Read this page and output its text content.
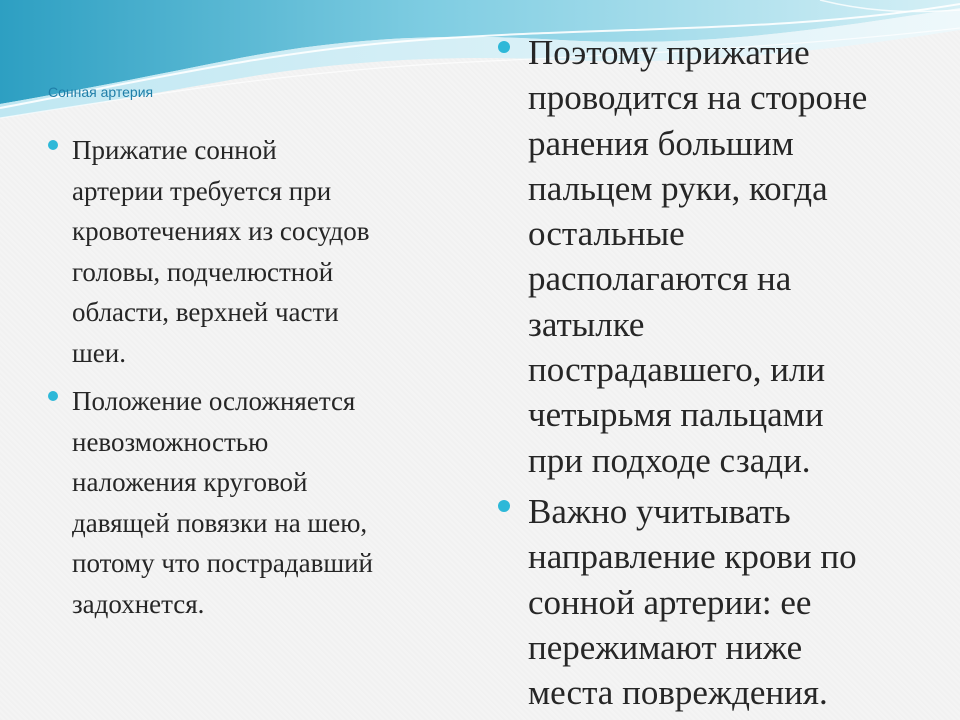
Сонная артерия

Прижатие сонной
артерии требуется при
кровотечениях из сосудов
головы, подчелюстной
области, верхней части
шеи.
Положение осложняется
невозможностью
наложения круговой
давящей повязки на шею,
потому что пострадавший
задохнется.
Поэтому прижатие
проводится на стороне
ранения большим
пальцем руки, когда
остальные
располагаются на
затылке
пострадавшего, или
четырьмя пальцами
при подходе сзади.
Важно учитывать
направление крови по
сонной артерии: ее
пережимают ниже
места повреждения.
